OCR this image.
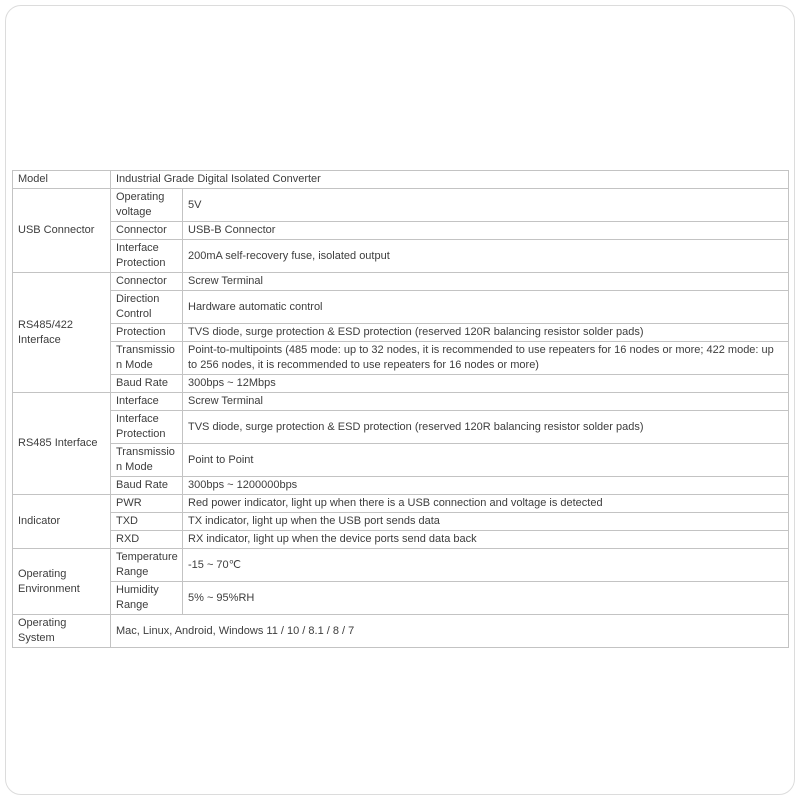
Model	Industrial Grade Digital Isolated Converter	
USB Connector	Operating voltage	5V
	Connector	USB-B Connector
	Interface Protection	200mA self-recovery fuse, isolated output
RS485/422 Interface	Connector	Screw Terminal
	Direction Control	Hardware automatic control
	Protection	TVS diode, surge protection & ESD protection (reserved 120R balancing resistor solder pads)
	Transmission Mode	Point-to-multipoints (485 mode: up to 32 nodes, it is recommended to use repeaters for 16 nodes or more; 422 mode: up to 256 nodes, it is recommended to use repeaters for 16 nodes or more)
	Baud Rate	300bps ~ 12Mbps
RS485 Interface	Interface	Screw Terminal
	Interface Protection	TVS diode, surge protection & ESD protection (reserved 120R balancing resistor solder pads)
	Transmission Mode	Point to Point
	Baud Rate	300bps ~ 1200000bps
Indicator	PWR	Red power indicator, light up when there is a USB connection and voltage is detected
	TXD	TX indicator, light up when the USB port sends data
	RXD	RX indicator, light up when the device ports send data back
Operating Environment	Temperature Range	-15 ~ 70℃
	Humidity Range	5% ~ 95%RH
Operating System	Mac, Linux, Android, Windows 11 / 10 / 8.1 / 8 / 7	
